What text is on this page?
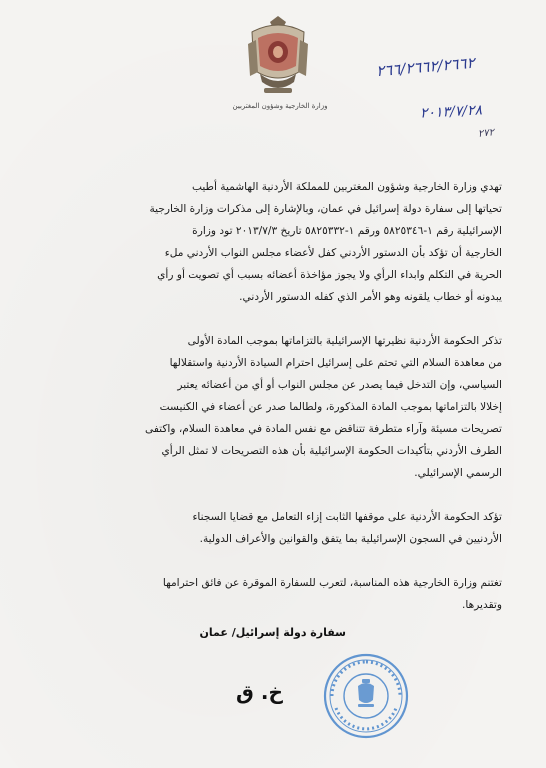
وزارة الخارجية وشؤون المغتربين
٢٦٦/٢٦٦٢/٢٦٦٢
٢٠١٣/٧/٢٨
٢٧٢

تهدي وزارة الخارجية وشؤون المغتربين للمملكة الأردنية الهاشمية أطيب
تحياتها إلى سفارة دولة إسرائيل في عمان، وبالإشارة إلى مذكرات وزارة الخارجية
الإسرائيلية رقم ١-٥٨٢٥٣٤٦ ورقم ١-٥٨٢٥٣٣٢ تاريخ ٢٠١٣/٧/٣ تود وزارة
الخارجية أن تؤكد بأن الدستور الأردني كفل لأعضاء مجلس النواب الأردني ملء
الحرية في التكلم وابداء الرأي ولا يجوز مؤاخذة أعضائه بسبب أي تصويت أو رأي
يبدونه أو خطاب يلقونه وهو الأمر الذي كفله الدستور الأردني.

تذكر الحكومة الأردنية نظيرتها الإسرائيلية بالتزاماتها بموجب المادة الأولى
من معاهدة السلام التي تحتم على إسرائيل احترام السيادة الأردنية واستقلالها
السياسي، وإن التدخل فيما يصدر عن مجلس النواب أو أي من أعضائه يعتبر
إخلالا بالتزاماتها بموجب المادة المذكورة، ولطالما صدر عن أعضاء في الكنيست
تصريحات مسيئة وآراء متطرفة تتناقض مع نفس المادة في معاهدة السلام، واكتفى
الطرف الأردني بتأكيدات الحكومة الإسرائيلية بأن هذه التصريحات لا تمثل الرأي
الرسمي الإسرائيلي.

تؤكد الحكومة الأردنية على موقفها الثابت إزاء التعامل مع قضايا السجناء
الأردنيين في السجون الإسرائيلية بما يتفق والقوانين والأعراف الدولية.

تغتنم وزارة الخارجية هذه المناسبة، لتعرب للسفارة الموقرة عن فائق احترامها
وتقديرها.

سفارة دولة إسرائيل/ عمان
خ. ق
